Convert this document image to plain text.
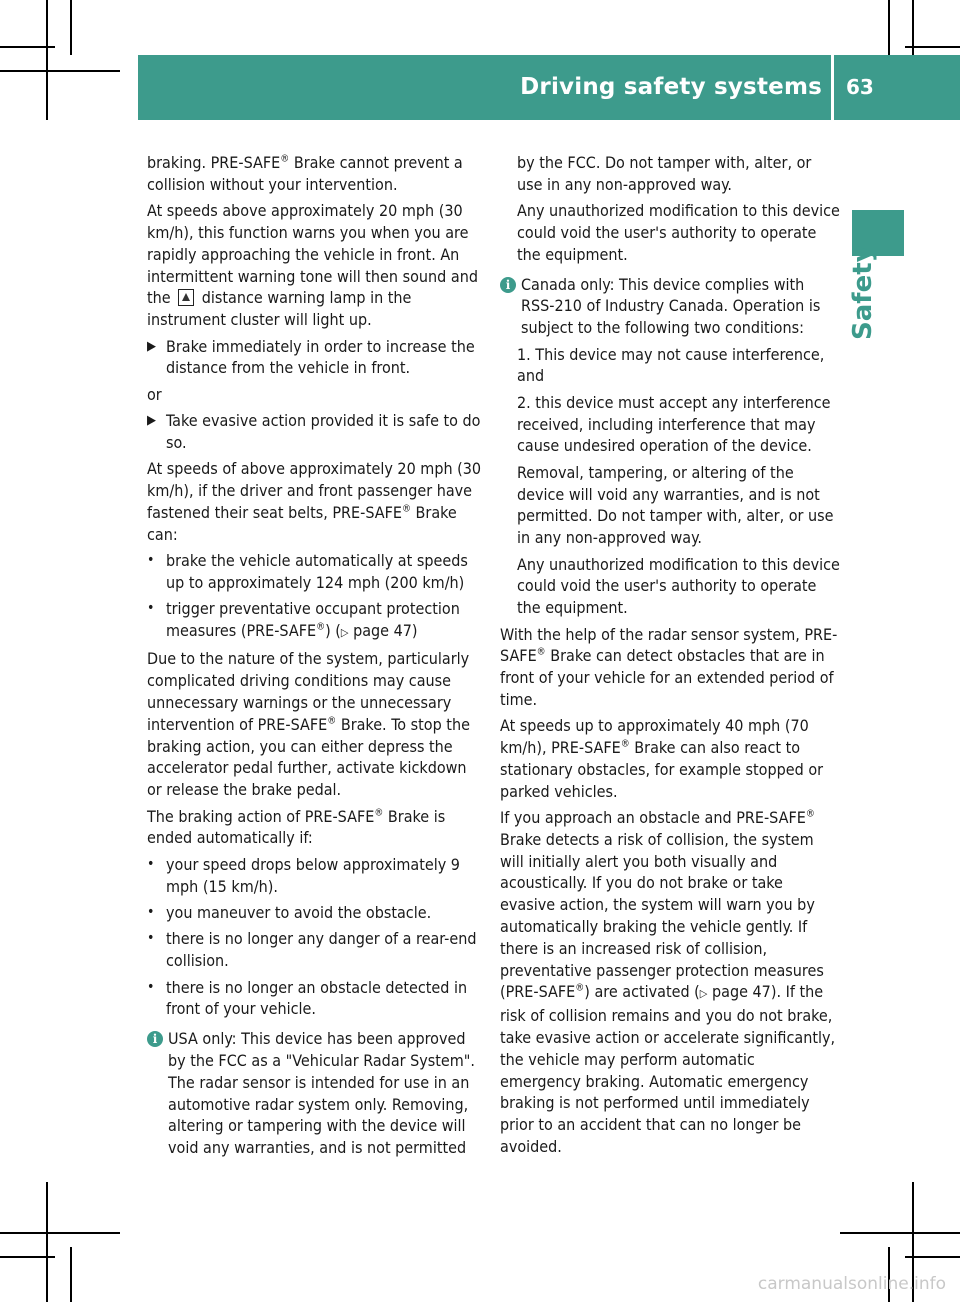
Driving safety systems 63
Safety

braking. PRE-SAFE® Brake cannot prevent a collision without your intervention.

At speeds above approximately 20 mph (30 km/h), this function warns you when you are rapidly approaching the vehicle in front. An intermittent warning tone will then sound and the  distance warning lamp in the instrument cluster will light up.

▶ Brake immediately in order to increase the distance from the vehicle in front.

or

▶ Take evasive action provided it is safe to do so.

At speeds of above approximately 20 mph (30 km/h), if the driver and front passenger have fastened their seat belts, PRE-SAFE® Brake can:

• brake the vehicle automatically at speeds up to approximately 124 mph (200 km/h)
• trigger preventative occupant protection measures (PRE-SAFE®) (▷ page 47)

Due to the nature of the system, particularly complicated driving conditions may cause unnecessary warnings or the unnecessary intervention of PRE-SAFE® Brake. To stop the braking action, you can either depress the accelerator pedal further, activate kickdown or release the brake pedal.

The braking action of PRE-SAFE® Brake is ended automatically if:

• your speed drops below approximately 9 mph (15 km/h).
• you maneuver to avoid the obstacle.
• there is no longer any danger of a rear-end collision.
• there is no longer an obstacle detected in front of your vehicle.
i USA only: This device has been approved by the FCC as a "Vehicular Radar System". The radar sensor is intended for use in an automotive radar system only. Removing, altering or tampering with the device will void any warranties, and is not permitted

by the FCC. Do not tamper with, alter, or use in any non-approved way.

Any unauthorized modification to this device could void the user's authority to operate the equipment.

i Canada only: This device complies with RSS-210 of Industry Canada. Operation is subject to the following two conditions:

1. This device may not cause interference, and

2. this device must accept any interference received, including interference that may cause undesired operation of the device.

Removal, tampering, or altering of the device will void any warranties, and is not permitted. Do not tamper with, alter, or use in any non-approved way.

Any unauthorized modification to this device could void the user's authority to operate the equipment.

With the help of the radar sensor system, PRE-SAFE® Brake can detect obstacles that are in front of your vehicle for an extended period of time.

At speeds up to approximately 40 mph (70 km/h), PRE-SAFE® Brake can also react to stationary obstacles, for example stopped or parked vehicles.

If you approach an obstacle and PRE-SAFE® Brake detects a risk of collision, the system will initially alert you both visually and acoustically. If you do not brake or take evasive action, the system will warn you by automatically braking the vehicle gently. If there is an increased risk of collision, preventative passenger protection measures (PRE-SAFE®) are activated (▷ page 47). If the risk of collision remains and you do not brake, take evasive action or accelerate significantly, the vehicle may perform automatic emergency braking. Automatic emergency braking is not performed until immediately prior to an accident that can no longer be avoided.

carmanualsonline.info
